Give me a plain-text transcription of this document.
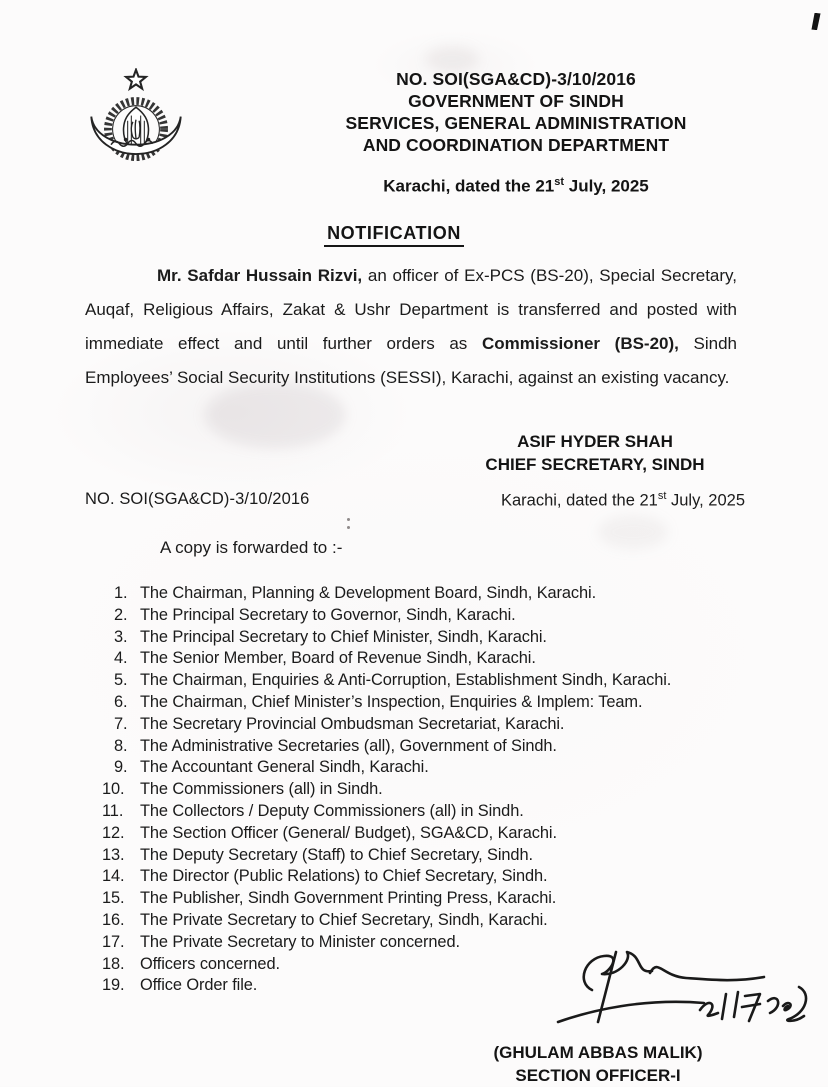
NO. SOI(SGA&CD)-3/10/2016
GOVERNMENT OF SINDH
SERVICES, GENERAL ADMINISTRATION
AND COORDINATION DEPARTMENT
Karachi, dated the 21st July, 2025
NOTIFICATION

Mr. Safdar Hussain Rizvi, an officer of Ex-PCS (BS-20), Special Secretary, Auqaf, Religious Affairs, Zakat & Ushr Department is transferred and posted with immediate effect and until further orders as Commissioner (BS-20), Sindh Employees’ Social Security Institutions (SESSI), Karachi, against an existing vacancy.

ASIF HYDER SHAH
CHIEF SECRETARY, SINDH
NO. SOI(SGA&CD)-3/10/2016	Karachi, dated the 21st July, 2025
A copy is forwarded to :-
1. The Chairman, Planning & Development Board, Sindh, Karachi.
2. The Principal Secretary to Governor, Sindh, Karachi.
3. The Principal Secretary to Chief Minister, Sindh, Karachi.
4. The Senior Member, Board of Revenue Sindh, Karachi.
5. The Chairman, Enquiries & Anti-Corruption, Establishment Sindh, Karachi.
6. The Chairman, Chief Minister’s Inspection, Enquiries & Implem: Team.
7. The Secretary Provincial Ombudsman Secretariat, Karachi.
8. The Administrative Secretaries (all), Government of Sindh.
9. The Accountant General Sindh, Karachi.
10. The Commissioners (all) in Sindh.
11.	The Collectors / Deputy Commissioners (all) in Sindh.
12. The Section Officer (General/ Budget), SGA&CD, Karachi.
13. The Deputy Secretary (Staff) to Chief Secretary, Sindh.
14. The Director (Public Relations) to Chief Secretary, Sindh.
15. The Publisher, Sindh Government Printing Press, Karachi.
16. The Private Secretary to Chief Secretary, Sindh, Karachi.
17. The Private Secretary to Minister concerned.
18. Officers concerned.
19. Office Order file.
(GHULAM ABBAS MALIK)
SECTION OFFICER-I
